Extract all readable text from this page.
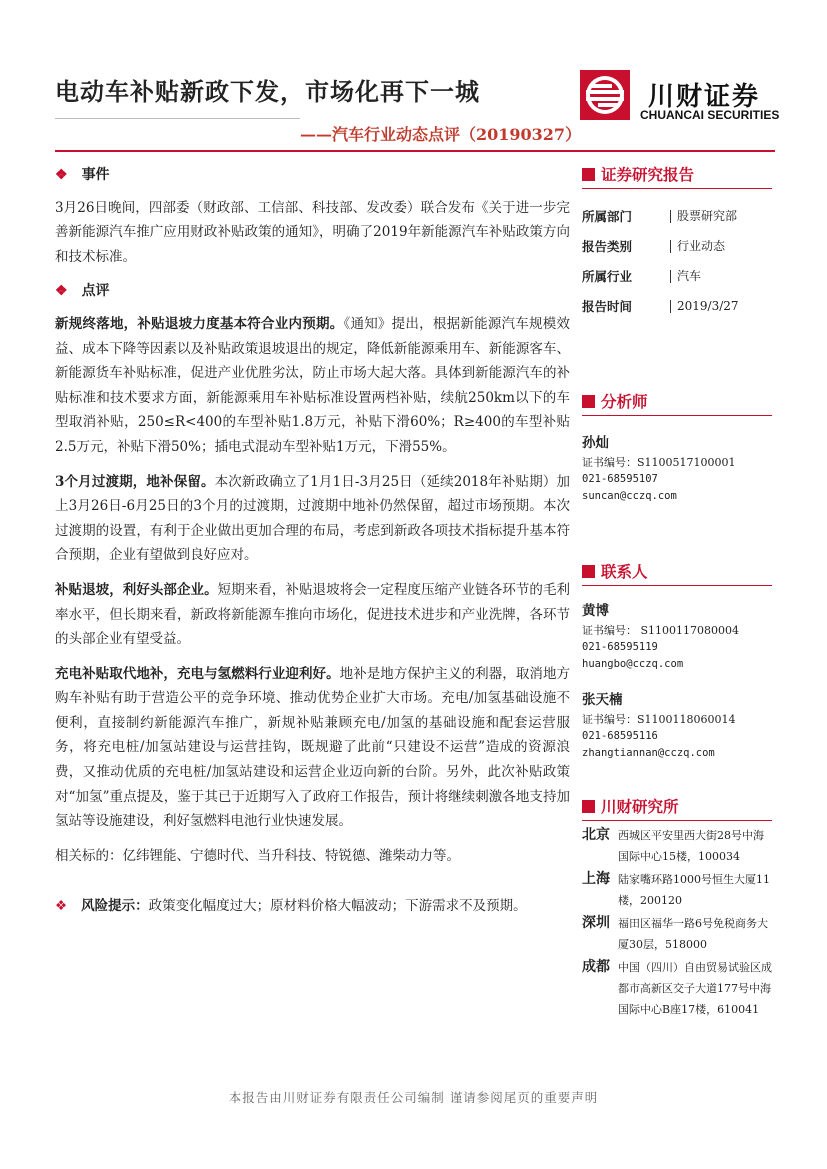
电动车补贴新政下发，市场化再下一城
——汽车行业动态点评（20190327）
川财证券
CHUANCAI SECURITIES
❖ 事件

3月26日晚间，四部委（财政部、工信部、科技部、发改委）联合发布《关于进一步完善新能源汽车推广应用财政补贴政策的通知》，明确了2019年新能源汽车补贴政策方向和技术标准。

❖ 点评

新规终落地，补贴退坡力度基本符合业内预期。《通知》提出，根据新能源汽车规模效益、成本下降等因素以及补贴政策退坡退出的规定，降低新能源乘用车、新能源客车、新能源货车补贴标准，促进产业优胜劣汰，防止市场大起大落。具体到新能源汽车的补贴标准和技术要求方面，新能源乘用车补贴标准设置两档补贴，续航250km以下的车型取消补贴，250≤R<400的车型补贴1.8万元，补贴下滑60%；R≥400的车型补贴2.5万元，补贴下滑50%；插电式混动车型补贴1万元，下滑55%。

3个月过渡期，地补保留。本次新政确立了1月1日-3月25日（延续2018年补贴期）加上3月26日-6月25日的3个月的过渡期，过渡期中地补仍然保留，超过市场预期。本次过渡期的设置，有利于企业做出更加合理的布局，考虑到新政各项技术指标提升基本符合预期，企业有望做到良好应对。

补贴退坡，利好头部企业。短期来看，补贴退坡将会一定程度压缩产业链各环节的毛利率水平，但长期来看，新政将新能源车推向市场化，促进技术进步和产业洗牌，各环节的头部企业有望受益。

充电补贴取代地补，充电与氢燃料行业迎利好。地补是地方保护主义的利器，取消地方购车补贴有助于营造公平的竞争环境、推动优势企业扩大市场。充电/加氢基础设施不便利，直接制约新能源汽车推广，新规补贴兼顾充电/加氢的基础设施和配套运营服务，将充电桩/加氢站建设与运营挂钩，既规避了此前“只建设不运营”造成的资源浪费，又推动优质的充电桩/加氢站建设和运营企业迈向新的台阶。另外，此次补贴政策对“加氢”重点提及，鉴于其已于近期写入了政府工作报告，预计将继续刺激各地支持加氢站等设施建设，利好氢燃料电池行业快速发展。

相关标的：亿纬锂能、宁德时代、当升科技、特锐德、潍柴动力等。

❖ 风险提示：政策变化幅度过大；原材料价格大幅波动；下游需求不及预期。
证券研究报告
所属部门	股票研究部
报告类别	行业动态
所属行业	汽车
报告时间	2019/3/27
分析师
孙灿
证书编号：S1100517100001
021-68595107
suncan@cczq.com
联系人
黄博
证书编号： S1100117080004
021-68595119
huangbo@cczq.com
张天楠
证书编号：S1100118060014
021-68595116
zhangtiannan@cczq.com
川财研究所
北京 西城区平安里西大街28号中海国际中心15楼，100034
上海 陆家嘴环路1000号恒生大厦11楼，200120
深圳 福田区福华一路6号免税商务大厦30层，518000
成都 中国（四川）自由贸易试验区成都市高新区交子大道177号中海国际中心B座17楼，610041
本报告由川财证券有限责任公司编制 谨请参阅尾页的重要声明
